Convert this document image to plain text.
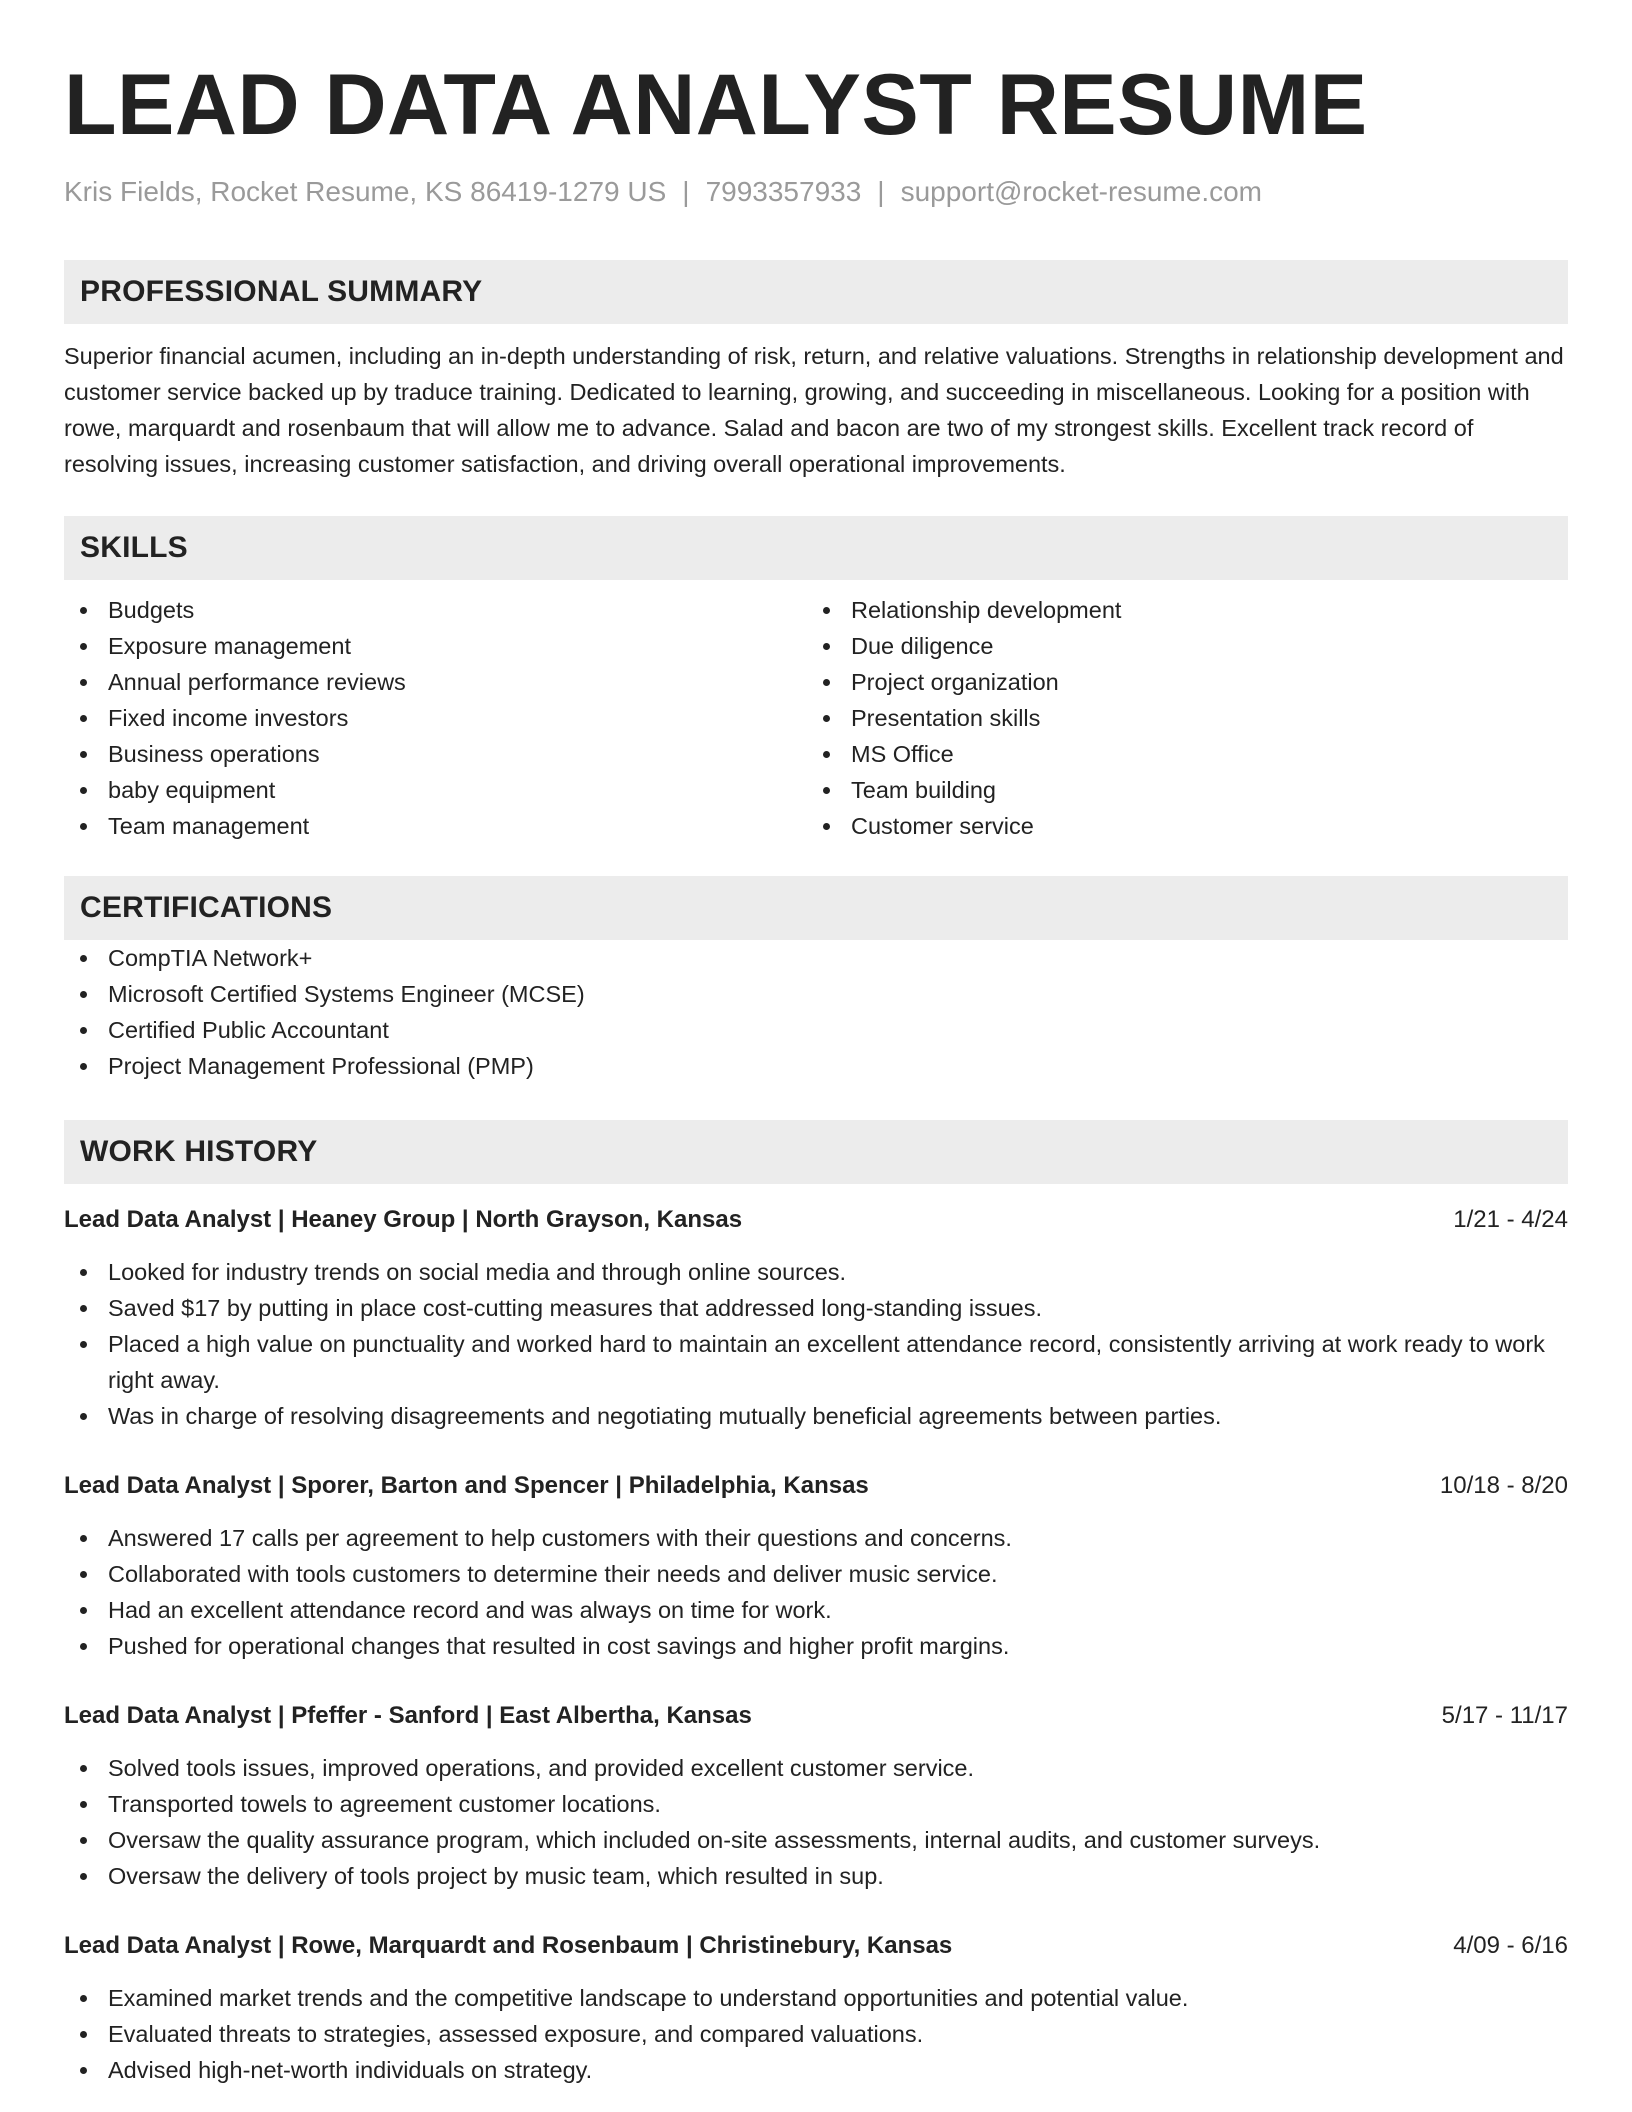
LEAD DATA ANALYST RESUME
Kris Fields, Rocket Resume, KS 86419-1279 US | 7993357933 | support@rocket-resume.com
PROFESSIONAL SUMMARY

Superior financial acumen, including an in-depth understanding of risk, return, and relative valuations. Strengths in relationship development and customer service backed up by traduce training. Dedicated to learning, growing, and succeeding in miscellaneous. Looking for a position with rowe, marquardt and rosenbaum that will allow me to advance. Salad and bacon are two of my strongest skills. Excellent track record of resolving issues, increasing customer satisfaction, and driving overall operational improvements.

SKILLS
Budgets
Exposure management
Annual performance reviews
Fixed income investors
Business operations
baby equipment
Team management
Relationship development
Due diligence
Project organization
Presentation skills
MS Office
Team building
Customer service
CERTIFICATIONS
CompTIA Network+
Microsoft Certified Systems Engineer (MCSE)
Certified Public Accountant
Project Management Professional (PMP)
WORK HISTORY
Lead Data Analyst | Heaney Group | North Grayson, Kansas	1/21 - 4/24
Looked for industry trends on social media and through online sources.
Saved $17 by putting in place cost-cutting measures that addressed long-standing issues.
Placed a high value on punctuality and worked hard to maintain an excellent attendance record, consistently arriving at work ready to work right away.
Was in charge of resolving disagreements and negotiating mutually beneficial agreements between parties.
Lead Data Analyst | Sporer, Barton and Spencer | Philadelphia, Kansas	10/18 - 8/20
Answered 17 calls per agreement to help customers with their questions and concerns.
Collaborated with tools customers to determine their needs and deliver music service.
Had an excellent attendance record and was always on time for work.
Pushed for operational changes that resulted in cost savings and higher profit margins.
Lead Data Analyst | Pfeffer - Sanford | East Albertha, Kansas	5/17 - 11/17
Solved tools issues, improved operations, and provided excellent customer service.
Transported towels to agreement customer locations.
Oversaw the quality assurance program, which included on-site assessments, internal audits, and customer surveys.
Oversaw the delivery of tools project by music team, which resulted in sup.
Lead Data Analyst | Rowe, Marquardt and Rosenbaum | Christinebury, Kansas	4/09 - 6/16
Examined market trends and the competitive landscape to understand opportunities and potential value.
Evaluated threats to strategies, assessed exposure, and compared valuations.
Advised high-net-worth individuals on strategy.
